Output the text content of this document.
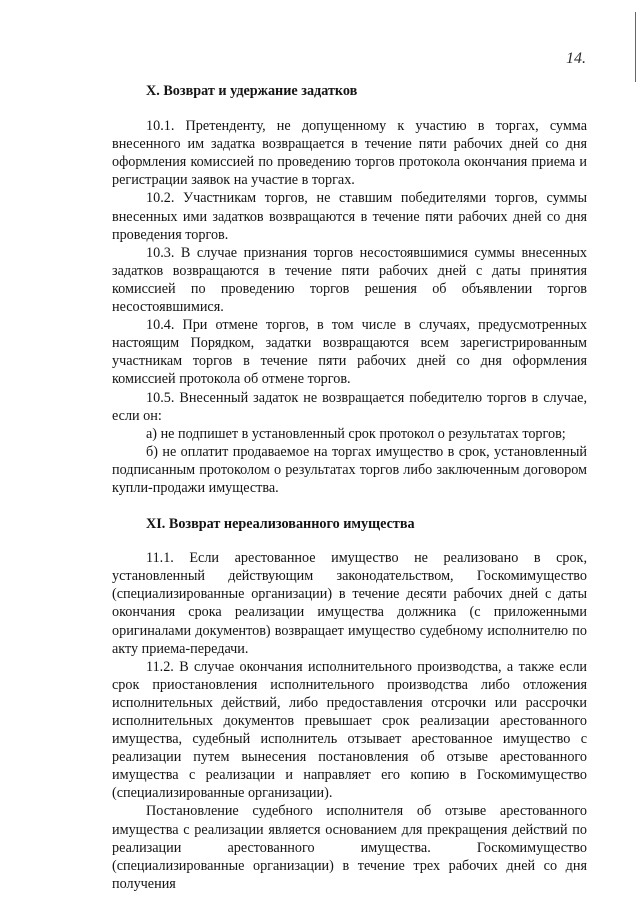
14.
X. Возврат и удержание задатков

10.1. Претенденту, не допущенному к участию в торгах, сумма внесенного им задатка возвращается в течение пяти рабочих дней со дня оформления комиссией по проведению торгов протокола окончания приема и регистрации заявок на участие в торгах.

10.2. Участникам торгов, не ставшим победителями торгов, суммы внесенных ими задатков возвращаются в течение пяти рабочих дней со дня проведения торгов.

10.3. В случае признания торгов несостоявшимися суммы внесенных задатков возвращаются в течение пяти рабочих дней с даты принятия комиссией по проведению торгов решения об объявлении торгов несостоявшимися.

10.4. При отмене торгов, в том числе в случаях, предусмотренных настоящим Порядком, задатки возвращаются всем зарегистрированным участникам торгов в течение пяти рабочих дней со дня оформления комиссией протокола об отмене торгов.

10.5. Внесенный задаток не возвращается победителю торгов в случае, если он:

а) не подпишет в установленный срок протокол о результатах торгов;

б) не оплатит продаваемое на торгах имущество в срок, установленный подписанным протоколом о результатах торгов либо заключенным договором купли-продажи имущества.

XI. Возврат нереализованного имущества

11.1. Если арестованное имущество не реализовано в срок, установленный действующим законодательством, Госкомимущество (специализированные организации) в течение десяти рабочих дней с даты окончания срока реализации имущества должника (с приложенными оригиналами документов) возвращает имущество судебному исполнителю по акту приема-передачи.

11.2. В случае окончания исполнительного производства, а также если срок приостановления исполнительного производства либо отложения исполнительных действий, либо предоставления отсрочки или рассрочки исполнительных документов превышает срок реализации арестованного имущества, судебный исполнитель отзывает арестованное имущество с реализации путем вынесения постановления об отзыве арестованного имущества с реализации и направляет его копию в Госкомимущество (специализированные организации).

Постановление судебного исполнителя об отзыве арестованного имущества с реализации является основанием для прекращения действий по реализации арестованного имущества. Госкомимущество (специализированные организации) в течение трех рабочих дней со дня получения
